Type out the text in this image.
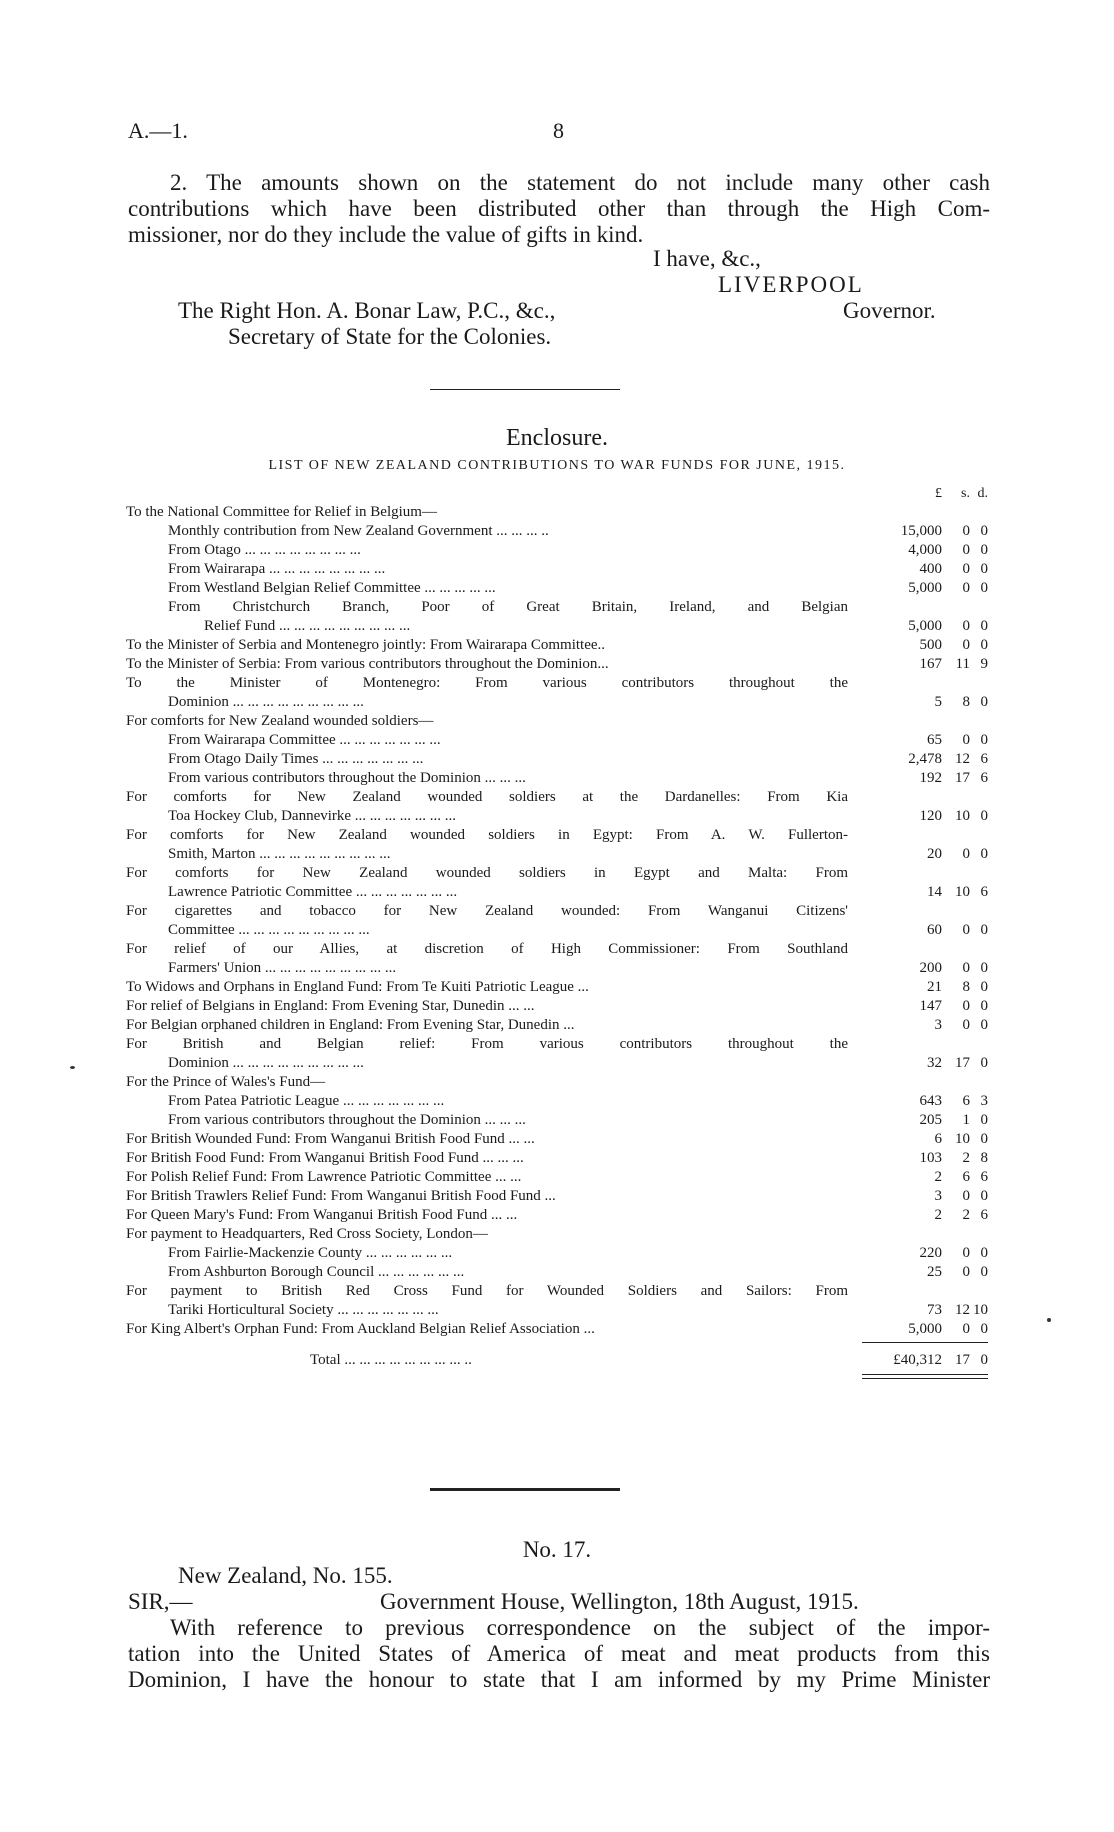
A.—1.	8
2. The amounts shown on the statement do not include many other cash
contributions which have been distributed other than through the High Com-
missioner, nor do they include the value of gifts in kind.
I have, &c.,
LIVERPOOL
The Right Hon. A. Bonar Law, P.C., &c.,	Governor.
Secretary of State for the Colonies.
Enclosure.
LIST OF NEW ZEALAND CONTRIBUTIONS TO WAR FUNDS FOR JUNE, 1915.
£	s. d.
To the National Committee for Relief in Belgium—
Monthly contribution from New Zealand Government ... ... ... ..	15,000	0 0
From Otago ... ... ... ... ... ... ... ...	4,000	0 0
From Wairarapa ... ... ... ... ... ... ... ...	400	0 0
From Westland Belgian Relief Committee ... ... ... ... ...	5,000	0 0
From Christchurch Branch, Poor of Great Britain, Ireland, and Belgian
Relief Fund ... ... ... ... ... ... ... ... ...	5,000	0 0
To the Minister of Serbia and Montenegro jointly: From Wairarapa Committee..	500	0 0
To the Minister of Serbia: From various contributors throughout the Dominion...	167 11 9
To the Minister of Montenegro: From various contributors throughout the
Dominion ... ... ... ... ... ... ... ... ...	5	8 0
For comforts for New Zealand wounded soldiers—
From Wairarapa Committee ... ... ... ... ... ... ...	65	0 0
From Otago Daily Times ... ... ... ... ... ... ...	2,478 12 6
From various contributors throughout the Dominion ... ... ...	192 17 6
For comforts for New Zealand wounded soldiers at the Dardanelles: From Kia
Toa Hockey Club, Dannevirke ... ... ... ... ... ... ...	120 10 0
For comforts for New Zealand wounded soldiers in Egypt: From A. W. Fullerton-
Smith, Marton ... ... ... ... ... ... ... ... ...	20	0 0
For comforts for New Zealand wounded soldiers in Egypt and Malta: From
Lawrence Patriotic Committee ... ... ... ... ... ... ...	14 10 6
For cigarettes and tobacco for New Zealand wounded: From Wanganui Citizens'
Committee ... ... ... ... ... ... ... ... ...	60	0 0
For relief of our Allies, at discretion of High Commissioner: From Southland
Farmers' Union ... ... ... ... ... ... ... ... ...	200	0 0
To Widows and Orphans in England Fund: From Te Kuiti Patriotic League ...	21	8 0
For relief of Belgians in England: From Evening Star, Dunedin ... ...	147	0 0
For Belgian orphaned children in England: From Evening Star, Dunedin ...	3	0 0
For British and Belgian relief: From various contributors throughout the
Dominion ... ... ... ... ... ... ... ... ...	32 17 0
For the Prince of Wales's Fund—
From Patea Patriotic League ... ... ... ... ... ... ...	643	6 3
From various contributors throughout the Dominion ... ... ...	205	1 0
For British Wounded Fund: From Wanganui British Food Fund ... ...	6 10 0
For British Food Fund: From Wanganui British Food Fund ... ... ...	103	2 8
For Polish Relief Fund: From Lawrence Patriotic Committee ... ...	2	6 6
For British Trawlers Relief Fund: From Wanganui British Food Fund ...	3	0 0
For Queen Mary's Fund: From Wanganui British Food Fund ... ...	2	2 6
For payment to Headquarters, Red Cross Society, London—
From Fairlie-Mackenzie County ... ... ... ... ... ...	220	0 0
From Ashburton Borough Council ... ... ... ... ... ...	25	0 0
For payment to British Red Cross Fund for Wounded Soldiers and Sailors: From
Tariki Horticultural Society ... ... ... ... ... ... ...	73 12 10
For King Albert's Orphan Fund: From Auckland Belgian Relief Association ...	5,000	0 0
Total ... ... ... ... ... ... ... ... ..	£40,312 17 0
No. 17.
New Zealand, No. 155.
SIR,—	Government House, Wellington, 18th August, 1915.
With reference to previous correspondence on the subject of the impor-
tation into the United States of America of meat and meat products from this
Dominion, I have the honour to state that I am informed by my Prime Minister
